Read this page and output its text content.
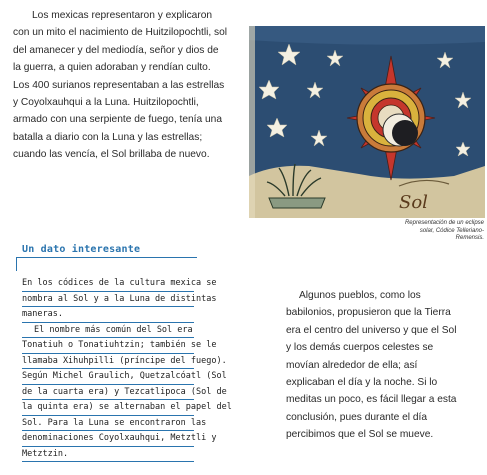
Los mexicas representaron y explicaron con un mito el nacimiento de Huitzilopochtli, sol del amanecer y del mediodía, señor y dios de la guerra, a quien adoraban y rendían culto. Los 400 surianos representaban a las estrellas y Coyolxauhqui a la Luna. Huitzilopochtli, armado con una serpiente de fuego, tenía una batalla a diario con la Luna y las estrellas; cuando las vencía, el Sol brillaba de nuevo.

Sol

Representación de un eclipse solar, Códice Telleriano-Remensis.

Un dato interesante
En los códices de la cultura mexica se
nombra al Sol y a la Luna de distintas
maneras.
El nombre más común del Sol era
Tonatiuh o Tonatiuhtzin; también se le
llamaba Xihuhpilli (príncipe del fuego).
Según Michel Graulich, Quetzalcóatl (Sol
de la cuarta era) y Tezcatlipoca (Sol de
la quinta era) se alternaban el papel del
Sol. Para la Luna se encontraron las
denominaciones Coyolxauhqui, Metztli y
Metztzin.

Algunos pueblos, como los babilonios, propusieron que la Tierra era el centro del universo y que el Sol y los demás cuerpos celestes se movían alrededor de ella; así explicaban el día y la noche. Si lo meditas un poco, es fácil llegar a esta conclusión, pues durante el día percibimos que el Sol se mueve.
